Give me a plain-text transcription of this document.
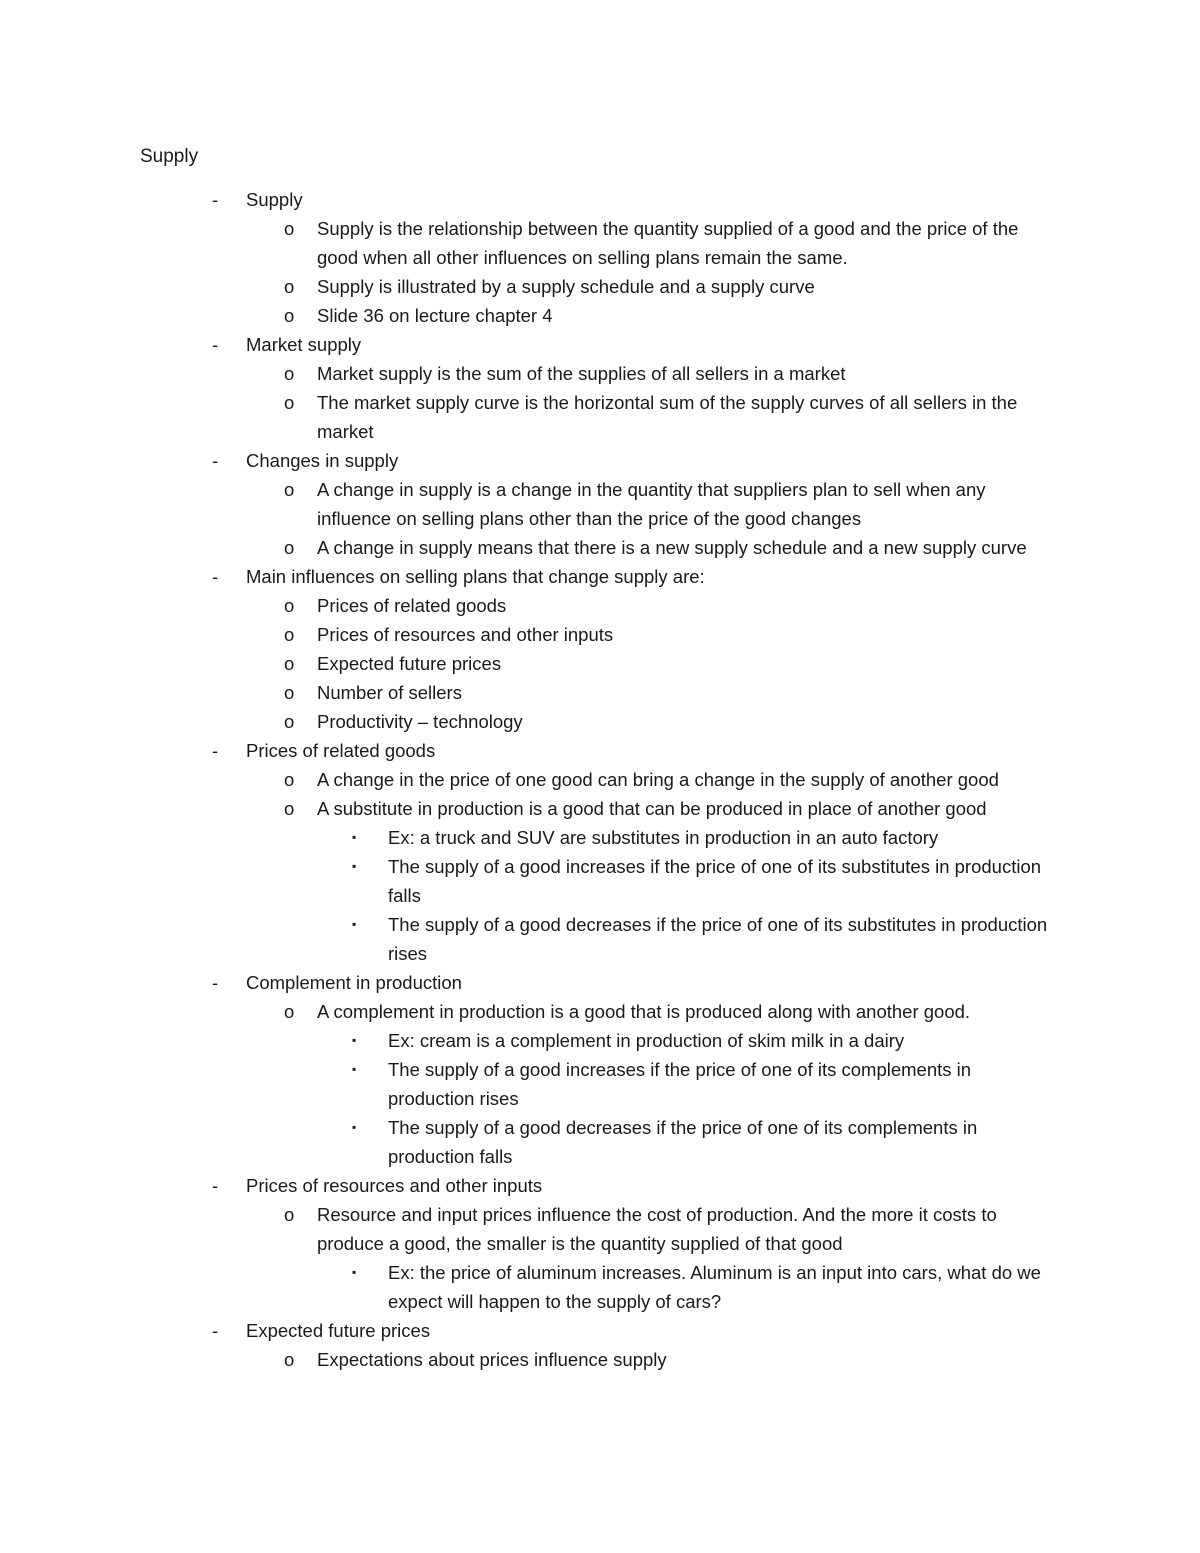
Supply
- Supply
o Supply is the relationship between the quantity supplied of a good and the price of the good when all other influences on selling plans remain the same.
o Supply is illustrated by a supply schedule and a supply curve
o Slide 36 on lecture chapter 4
- Market supply
o Market supply is the sum of the supplies of all sellers in a market
o The market supply curve is the horizontal sum of the supply curves of all sellers in the market
- Changes in supply
o A change in supply is a change in the quantity that suppliers plan to sell when any influence on selling plans other than the price of the good changes
o A change in supply means that there is a new supply schedule and a new supply curve
- Main influences on selling plans that change supply are:
o Prices of related goods
o Prices of resources and other inputs
o Expected future prices
o Number of sellers
o Productivity – technology
- Prices of related goods
o A change in the price of one good can bring a change in the supply of another good
o A substitute in production is a good that can be produced in place of another good
▪ Ex: a truck and SUV are substitutes in production in an auto factory
▪ The supply of a good increases if the price of one of its substitutes in production falls
▪ The supply of a good decreases if the price of one of its substitutes in production rises
- Complement in production
o A complement in production is a good that is produced along with another good.
▪ Ex: cream is a complement in production of skim milk in a dairy
▪ The supply of a good increases if the price of one of its complements in production rises
▪ The supply of a good decreases if the price of one of its complements in production falls
- Prices of resources and other inputs
o Resource and input prices influence the cost of production. And the more it costs to produce a good, the smaller is the quantity supplied of that good
▪ Ex: the price of aluminum increases. Aluminum is an input into cars, what do we expect will happen to the supply of cars?
- Expected future prices
o Expectations about prices influence supply
